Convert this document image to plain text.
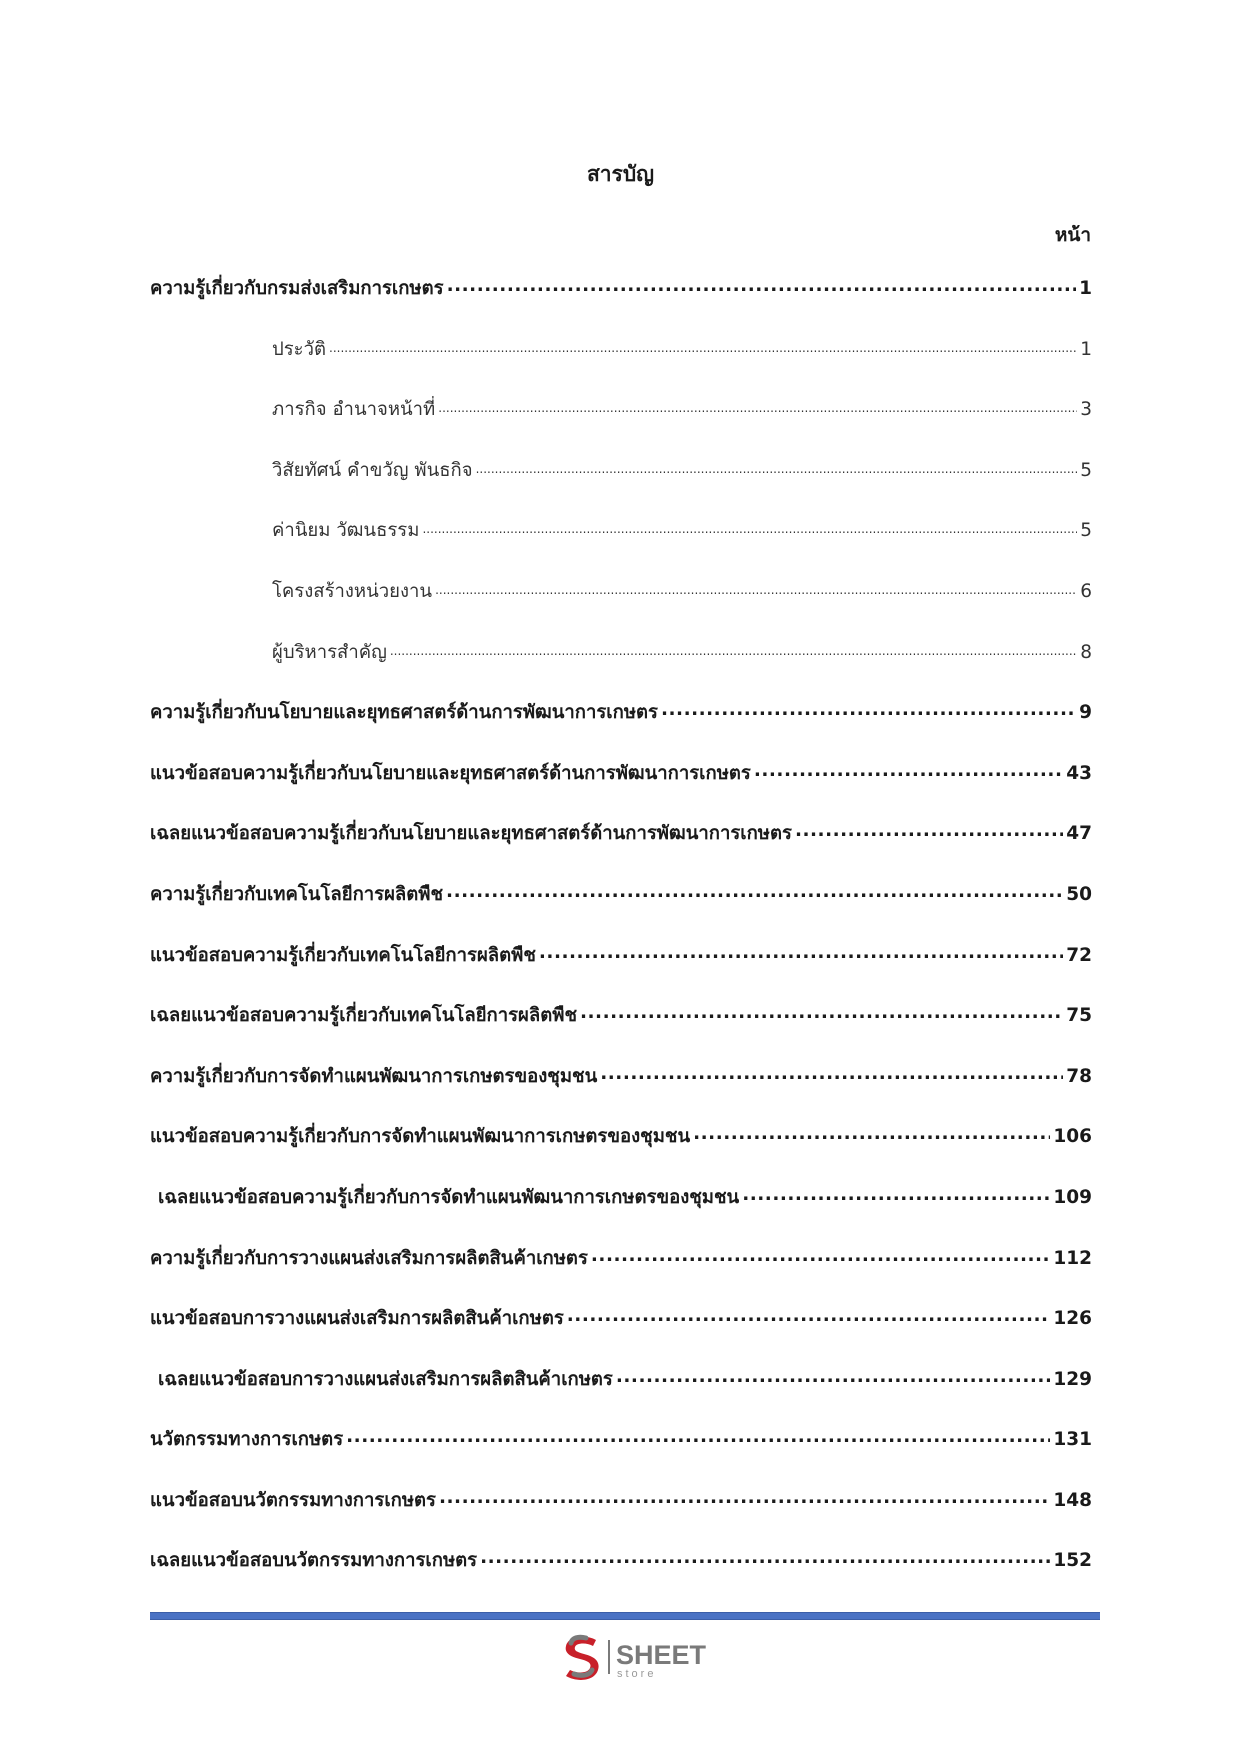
สารบัญ
หน้า
ความรู้เกี่ยวกับกรมส่งเสริมการเกษตร .....	1
ประวัติ .....	1
ภารกิจ อำนาจหน้าที่ .....	3
วิสัยทัศน์ คำขวัญ พันธกิจ .....	5
ค่านิยม วัฒนธรรม .....	5
โครงสร้างหน่วยงาน .....	6
ผู้บริหารสำคัญ .....	8
ความรู้เกี่ยวกับนโยบายและยุทธศาสตร์ด้านการพัฒนาการเกษตร .....	9
แนวข้อสอบความรู้เกี่ยวกับนโยบายและยุทธศาสตร์ด้านการพัฒนาการเกษตร .....	43
เฉลยแนวข้อสอบความรู้เกี่ยวกับนโยบายและยุทธศาสตร์ด้านการพัฒนาการเกษตร .....	47
ความรู้เกี่ยวกับเทคโนโลยีการผลิตพืช .....	50
แนวข้อสอบความรู้เกี่ยวกับเทคโนโลยีการผลิตพืช .....	72
เฉลยแนวข้อสอบความรู้เกี่ยวกับเทคโนโลยีการผลิตพืช .....	75
ความรู้เกี่ยวกับการจัดทำแผนพัฒนาการเกษตรของชุมชน .....	78
แนวข้อสอบความรู้เกี่ยวกับการจัดทำแผนพัฒนาการเกษตรของชุมชน .....	106
เฉลยแนวข้อสอบความรู้เกี่ยวกับการจัดทำแผนพัฒนาการเกษตรของชุมชน .....	109
ความรู้เกี่ยวกับการวางแผนส่งเสริมการผลิตสินค้าเกษตร .....	112
แนวข้อสอบการวางแผนส่งเสริมการผลิตสินค้าเกษตร .....	126
เฉลยแนวข้อสอบการวางแผนส่งเสริมการผลิตสินค้าเกษตร .....	129
นวัตกรรมทางการเกษตร .....	131
แนวข้อสอบนวัตกรรมทางการเกษตร .....	148
เฉลยแนวข้อสอบนวัตกรรมทางการเกษตร .....	152
SHEET
store
